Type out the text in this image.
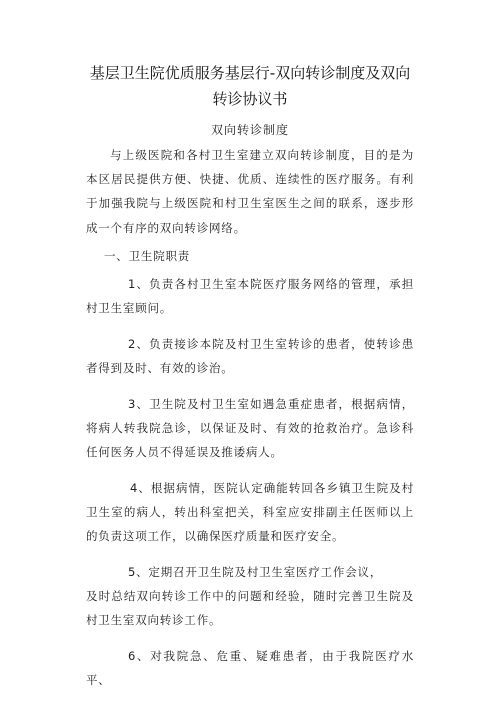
基层卫生院优质服务基层行-双向转诊制度及双向
转诊协议书
双向转诊制度

与上级医院和各村卫生室建立双向转诊制度，目的是为本区居民提供方便、快捷、优质、连续性的医疗服务。有利于加强我院与上级医院和村卫生室医生之间的联系，逐步形成一个有序的双向转诊网络。

一、卫生院职责

1、负责各村卫生室本院医疗服务网络的管理，承担村卫生室顾问。

2、负责接诊本院及村卫生室转诊的患者，使转诊患者得到及时、有效的诊治。

3、卫生院及村卫生室如遇急重症患者，根据病情，将病人转我院急诊，以保证及时、有效的抢救治疗。急诊科任何医务人员不得延误及推诿病人。

4、根据病情，医院认定确能转回各乡镇卫生院及村卫生室的病人，转出科室把关，科室应安排副主任医师以上的负责这项工作，以确保医疗质量和医疗安全。

5、定期召开卫生院及村卫生室医疗工作会议，
及时总结双向转诊工作中的问题和经验，随时完善卫生院及村卫生室双向转诊工作。

6、对我院急、危重、疑难患者，由于我院医疗水平、
